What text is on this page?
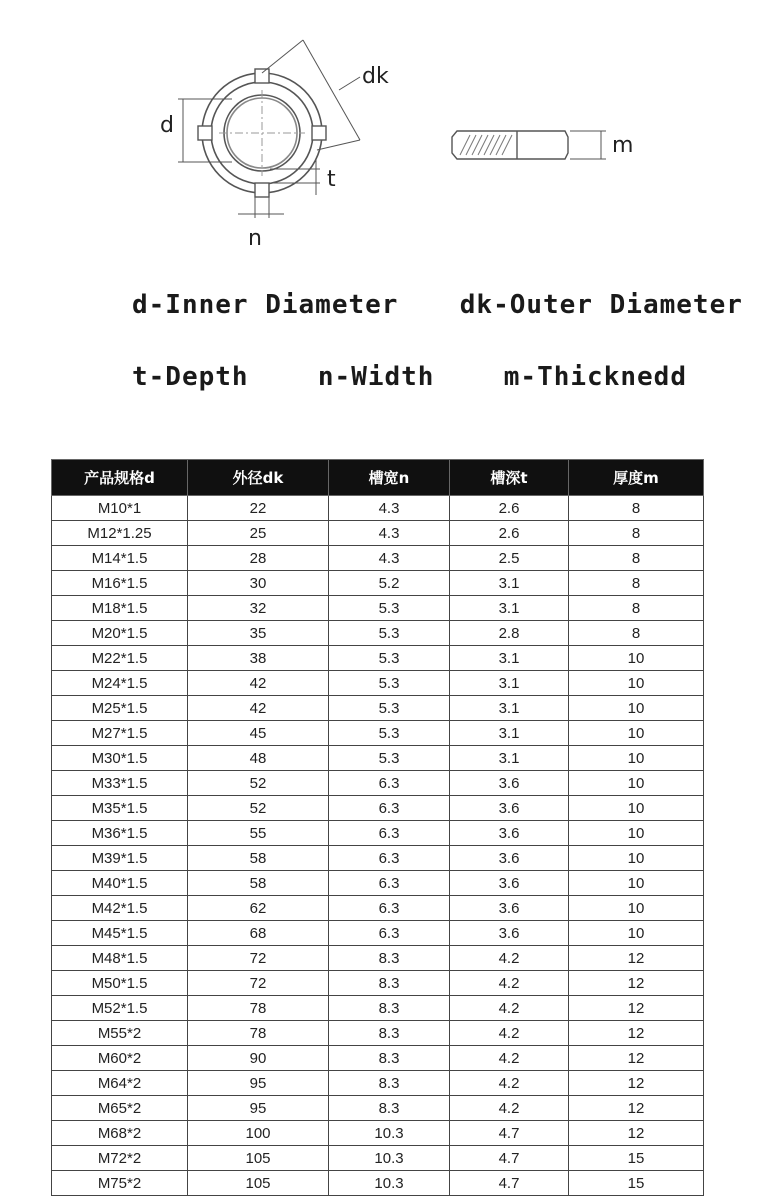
dk
d
t
n
m
d-Inner Diameter dk-Outer Diameter
t-Depth	n-Width	m-Thicknedd
产品规格d	外径dk	槽宽n	槽深t	厚度m
M10*1	22	4.3	2.6	8
M12*1.25	25	4.3	2.6	8
M14*1.5	28	4.3	2.5	8
M16*1.5	30	5.2	3.1	8
M18*1.5	32	5.3	3.1	8
M20*1.5	35	5.3	2.8	8
M22*1.5	38	5.3	3.1	10
M24*1.5	42	5.3	3.1	10
M25*1.5	42	5.3	3.1	10
M27*1.5	45	5.3	3.1	10
M30*1.5	48	5.3	3.1	10
M33*1.5	52	6.3	3.6	10
M35*1.5	52	6.3	3.6	10
M36*1.5	55	6.3	3.6	10
M39*1.5	58	6.3	3.6	10
M40*1.5	58	6.3	3.6	10
M42*1.5	62	6.3	3.6	10
M45*1.5	68	6.3	3.6	10
M48*1.5	72	8.3	4.2	12
M50*1.5	72	8.3	4.2	12
M52*1.5	78	8.3	4.2	12
M55*2	78	8.3	4.2	12
M60*2	90	8.3	4.2	12
M64*2	95	8.3	4.2	12
M65*2	95	8.3	4.2	12
M68*2	100	10.3	4.7	12
M72*2	105	10.3	4.7	15
M75*2	105	10.3	4.7	15
